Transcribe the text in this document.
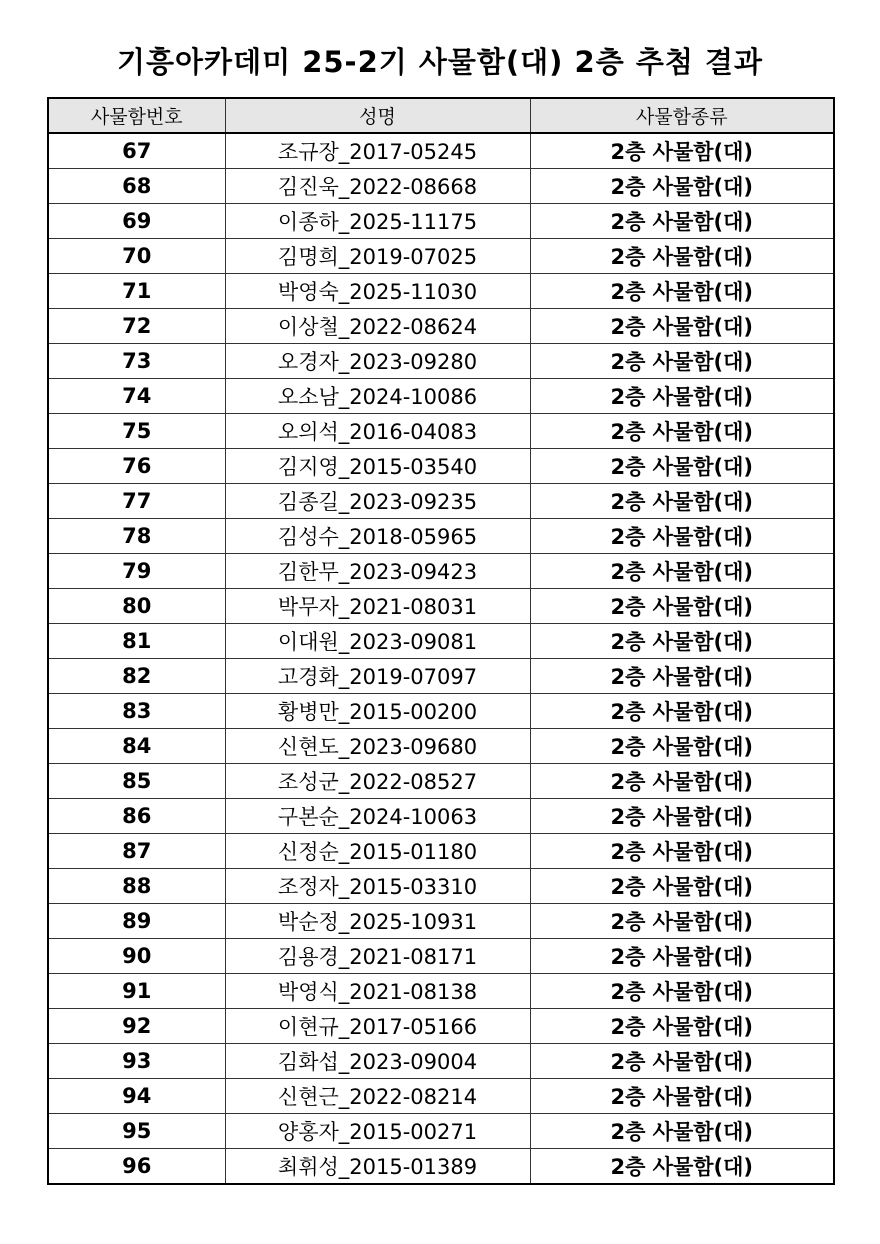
기흥아카데미 25-2기 사물함(대) 2층 추첨 결과
사물함번호	성명	사물함종류
67	조규장_2017-05245	2층 사물함(대)
68	김진욱_2022-08668	2층 사물함(대)
69	이종하_2025-11175	2층 사물함(대)
70	김명희_2019-07025	2층 사물함(대)
71	박영숙_2025-11030	2층 사물함(대)
72	이상철_2022-08624	2층 사물함(대)
73	오경자_2023-09280	2층 사물함(대)
74	오소남_2024-10086	2층 사물함(대)
75	오의석_2016-04083	2층 사물함(대)
76	김지영_2015-03540	2층 사물함(대)
77	김종길_2023-09235	2층 사물함(대)
78	김성수_2018-05965	2층 사물함(대)
79	김한무_2023-09423	2층 사물함(대)
80	박무자_2021-08031	2층 사물함(대)
81	이대원_2023-09081	2층 사물함(대)
82	고경화_2019-07097	2층 사물함(대)
83	황병만_2015-00200	2층 사물함(대)
84	신현도_2023-09680	2층 사물함(대)
85	조성군_2022-08527	2층 사물함(대)
86	구본순_2024-10063	2층 사물함(대)
87	신정순_2015-01180	2층 사물함(대)
88	조정자_2015-03310	2층 사물함(대)
89	박순정_2025-10931	2층 사물함(대)
90	김용경_2021-08171	2층 사물함(대)
91	박영식_2021-08138	2층 사물함(대)
92	이현규_2017-05166	2층 사물함(대)
93	김화섭_2023-09004	2층 사물함(대)
94	신현근_2022-08214	2층 사물함(대)
95	양홍자_2015-00271	2층 사물함(대)
96	최휘성_2015-01389	2층 사물함(대)
